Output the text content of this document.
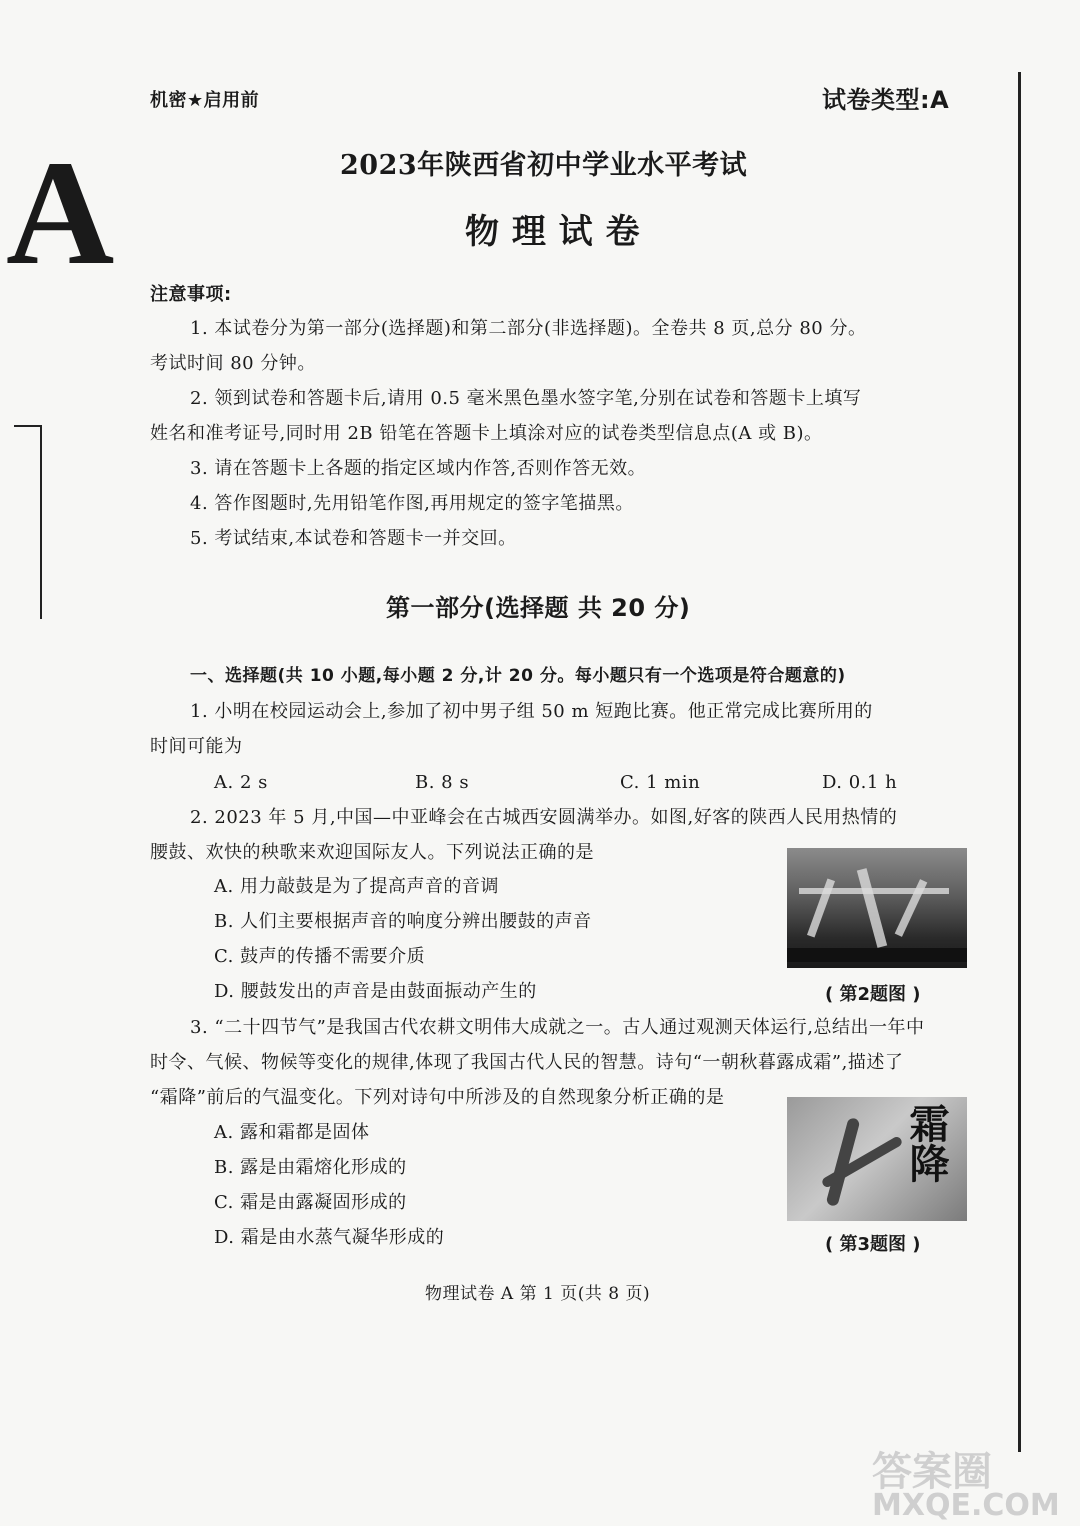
A
机密★启用前	试卷类型:A
2023年陕西省初中学业水平考试
物 理 试 卷
注意事项:
1. 本试卷分为第一部分(选择题)和第二部分(非选择题)。全卷共 8 页,总分 80 分。
考试时间 80 分钟。
2. 领到试卷和答题卡后,请用 0.5 毫米黑色墨水签字笔,分别在试卷和答题卡上填写
姓名和准考证号,同时用 2B 铅笔在答题卡上填涂对应的试卷类型信息点(A 或 B)。
3. 请在答题卡上各题的指定区域内作答,否则作答无效。
4. 答作图题时,先用铅笔作图,再用规定的签字笔描黑。
5. 考试结束,本试卷和答题卡一并交回。
第一部分(选择题 共 20 分)
一、选择题(共 10 小题,每小题 2 分,计 20 分。每小题只有一个选项是符合题意的)
1. 小明在校园运动会上,参加了初中男子组 50 m 短跑比赛。他正常完成比赛所用的
时间可能为
A. 2 s	B. 8 s	C. 1 min	D. 0.1 h
2. 2023 年 5 月,中国—中亚峰会在古城西安圆满举办。如图,好客的陕西人民用热情的
腰鼓、欢快的秧歌来欢迎国际友人。下列说法正确的是
A. 用力敲鼓是为了提高声音的音调
B. 人们主要根据声音的响度分辨出腰鼓的声音
C. 鼓声的传播不需要介质
D. 腰鼓发出的声音是由鼓面振动产生的	( 第2题图 )
3. “二十四节气”是我国古代农耕文明伟大成就之一。古人通过观测天体运行,总结出一年中
时令、气候、物候等变化的规律,体现了我国古代人民的智慧。诗句“一朝秋暮露成霜”,描述了
“霜降”前后的气温变化。下列对诗句中所涉及的自然现象分析正确的是
A. 露和霜都是固体
B. 露是由霜熔化形成的
C. 霜是由露凝固形成的
D. 霜是由水蒸气凝华形成的
霜降
( 第3题图 )
物理试卷 A 第 1 页(共 8 页)
答案圈
MXQE.COM
